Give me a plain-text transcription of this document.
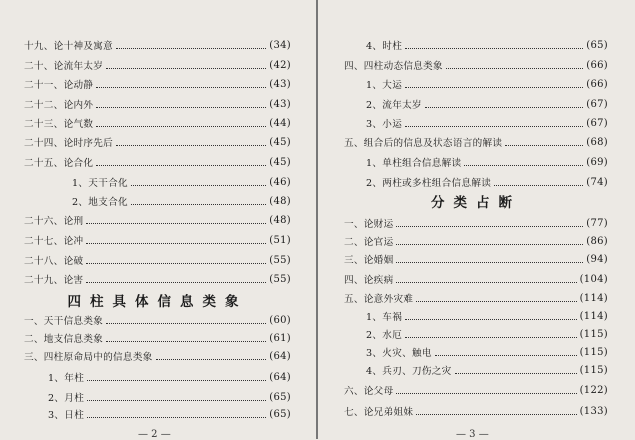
十九、论十神及寓意	(34)
二十、论流年太岁	(42)
二十一、论动静	(43)
二十二、论内外	(43)
二十三、论气数	(44)
二十四、论时序先后	(45)
二十五、论合化	(45)
1、天干合化	(46)
2、地支合化	(48)
二十六、论刑	(48)
二十七、论冲	(51)
二十八、论破	(55)
二十九、论害	(55)
四柱具体信息类象
一、天干信息类象	(60)
二、地支信息类象	(61)
三、四柱原命局中的信息类象	(64)
1、年柱	(64)
2、月柱	(65)
3、日柱	(65)
— 2 —
4、时柱	(65)
四、四柱动态信息类象	(66)
1、大运	(66)
2、流年太岁	(67)
3、小运	(67)
五、组合后的信息及状态语言的解读	(68)
1、单柱组合信息解读	(69)
2、两柱或多柱组合信息解读	(74)
分类占断
一、论财运	(77)
二、论官运	(86)
三、论婚姻	(94)
四、论疾病	(104)
五、论意外灾难	(114)
1、车祸	(114)
2、水厄	(115)
3、火灾、触电	(115)
4、兵刃、刀伤之灾	(115)
六、论父母	(122)
七、论兄弟姐妹	(133)
— 3 —
